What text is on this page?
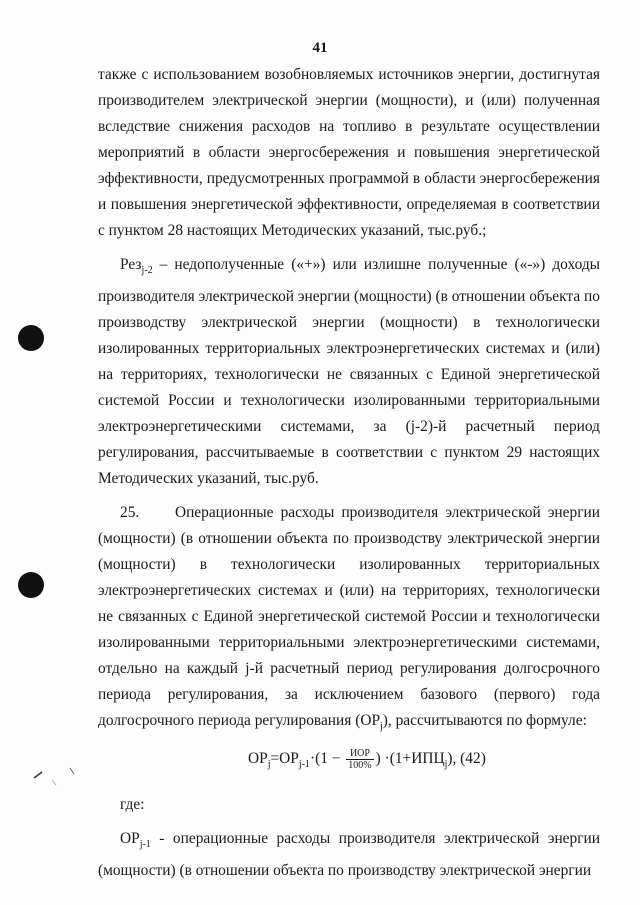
41

также с использованием возобновляемых источников энергии, достигнутая производителем электрической энергии (мощности), и (или) полученная вследствие снижения расходов на топливо в результате осуществлении мероприятий в области энергосбережения и повышения энергетической эффективности, предусмотренных программой в области энергосбережения и повышения энергетической эффективности, определяемая в соответствии с пунктом 28 настоящих Методических указаний, тыс.руб.;

Рез$_{j-2}$ – недополученные («+») или излишне полученные («-») доходы производителя электрической энергии (мощности) (в отношении объекта по производству электрической энергии (мощности) в технологически изолированных территориальных электроэнергетических системах и (или) на территориях, технологически не связанных с Единой энергетической системой России и технологически изолированными территориальными электроэнергетическими системами, за (j-2)-й расчетный период регулирования, рассчитываемые в соответствии с пунктом 29 настоящих Методических указаний, тыс.руб.

25. Операционные расходы производителя электрической энергии (мощности) (в отношении объекта по производству электрической энергии (мощности) в технологически изолированных территориальных электроэнергетических системах и (или) на территориях, технологически не связанных с Единой энергетической системой России и технологически изолированными территориальными электроэнергетическими системами, отдельно на каждый j-й расчетный период регулирования долгосрочного периода регулирования, за исключением базового (первого) года долгосрочного периода регулирования $(ОР_j)$, рассчитываются по формуле:

$ОР_j=ОР_{j-1}\cdot(1 - \frac{\text{ИОР}}{100\%}$ ) $\cdot(1+ИПЦ_j)$, (42)

где:

$ОР_{j-1}$ - операционные расходы производителя электрической энергии (мощности) (в отношении объекта по производству электрической энергии
